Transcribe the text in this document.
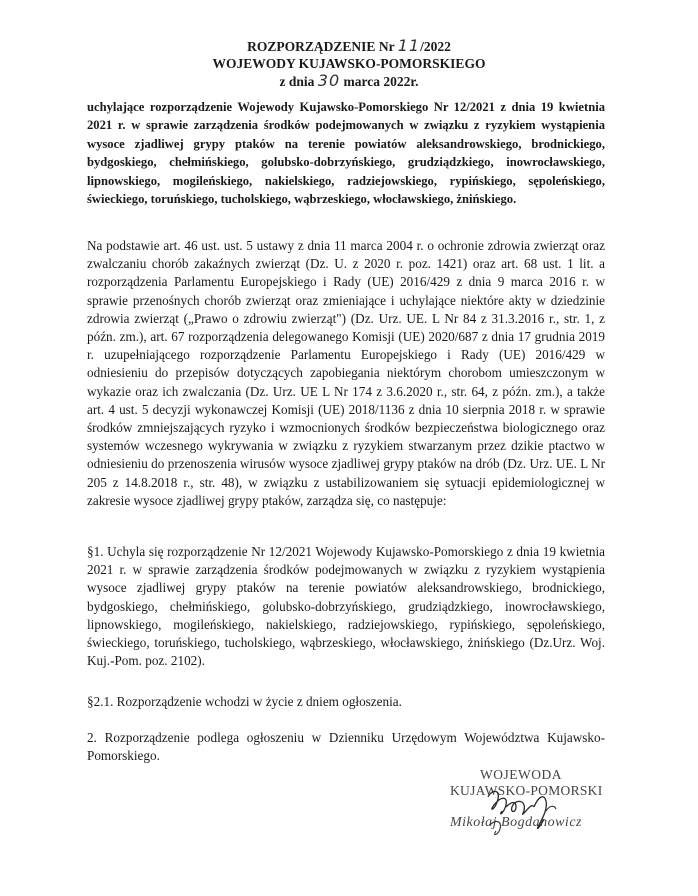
ROZPORZĄDZENIE Nr 11/2022
WOJEWODY KUJAWSKO-POMORSKIEGO
z dnia 30 marca 2022r.
uchylające rozporządzenie Wojewody Kujawsko-Pomorskiego Nr 12/2021 z dnia 19 kwietnia 2021 r. w sprawie zarządzenia środków podejmowanych w związku z ryzykiem wystąpienia wysoce zjadliwej grypy ptaków na terenie powiatów aleksandrowskiego, brodnickiego, bydgoskiego, chełmińskiego, golubsko-dobrzyńskiego, grudziądzkiego, inowrocławskiego, lipnowskiego, mogileńskiego, nakielskiego, radziejowskiego, rypińskiego, sępoleńskiego, świeckiego, toruńskiego, tucholskiego, wąbrzeskiego, włocławskiego, żnińskiego.
Na podstawie art. 46 ust. ust. 5 ustawy z dnia 11 marca 2004 r. o ochronie zdrowia zwierząt oraz zwalczaniu chorób zakaźnych zwierząt (Dz. U. z 2020 r. poz. 1421) oraz art. 68 ust. 1 lit. a rozporządzenia Parlamentu Europejskiego i Rady (UE) 2016/429 z dnia 9 marca 2016 r. w sprawie przenośnych chorób zwierząt oraz zmieniające i uchylające niektóre akty w dziedzinie zdrowia zwierząt („Prawo o zdrowiu zwierząt") (Dz. Urz. UE. L Nr 84 z 31.3.2016 r., str. 1, z późn. zm.), art. 67 rozporządzenia delegowanego Komisji (UE) 2020/687 z dnia 17 grudnia 2019 r. uzupełniającego rozporządzenie Parlamentu Europejskiego i Rady (UE) 2016/429 w odniesieniu do przepisów dotyczących zapobiegania niektórym chorobom umieszczonym w wykazie oraz ich zwalczania (Dz. Urz. UE L Nr 174 z 3.6.2020 r., str. 64, z późn. zm.), a także art. 4 ust. 5 decyzji wykonawczej Komisji (UE) 2018/1136 z dnia 10 sierpnia 2018 r. w sprawie środków zmniejszających ryzyko i wzmocnionych środków bezpieczeństwa biologicznego oraz systemów wczesnego wykrywania w związku z ryzykiem stwarzanym przez dzikie ptactwo w odniesieniu do przenoszenia wirusów wysoce zjadliwej grypy ptaków na drób (Dz. Urz. UE. L Nr 205 z 14.8.2018 r., str. 48), w związku z ustabilizowaniem się sytuacji epidemiologicznej w zakresie wysoce zjadliwej grypy ptaków, zarządza się, co następuje:
§1. Uchyla się rozporządzenie Nr 12/2021 Wojewody Kujawsko-Pomorskiego z dnia 19 kwietnia 2021 r. w sprawie zarządzenia środków podejmowanych w związku z ryzykiem wystąpienia wysoce zjadliwej grypy ptaków na terenie powiatów aleksandrowskiego, brodnickiego, bydgoskiego, chełmińskiego, golubsko-dobrzyńskiego, grudziądzkiego, inowrocławskiego, lipnowskiego, mogileńskiego, nakielskiego, radziejowskiego, rypińskiego, sępoleńskiego, świeckiego, toruńskiego, tucholskiego, wąbrzeskiego, włocławskiego, żnińskiego (Dz.Urz. Woj. Kuj.-Pom. poz. 2102).
§2.1. Rozporządzenie wchodzi w życie z dniem ogłoszenia.
2. Rozporządzenie podlega ogłoszeniu w Dzienniku Urzędowym Województwa Kujawsko-Pomorskiego.
WOJEWODA
KUJAWSKO-POMORSKI
Mikołaj Bogdanowicz
